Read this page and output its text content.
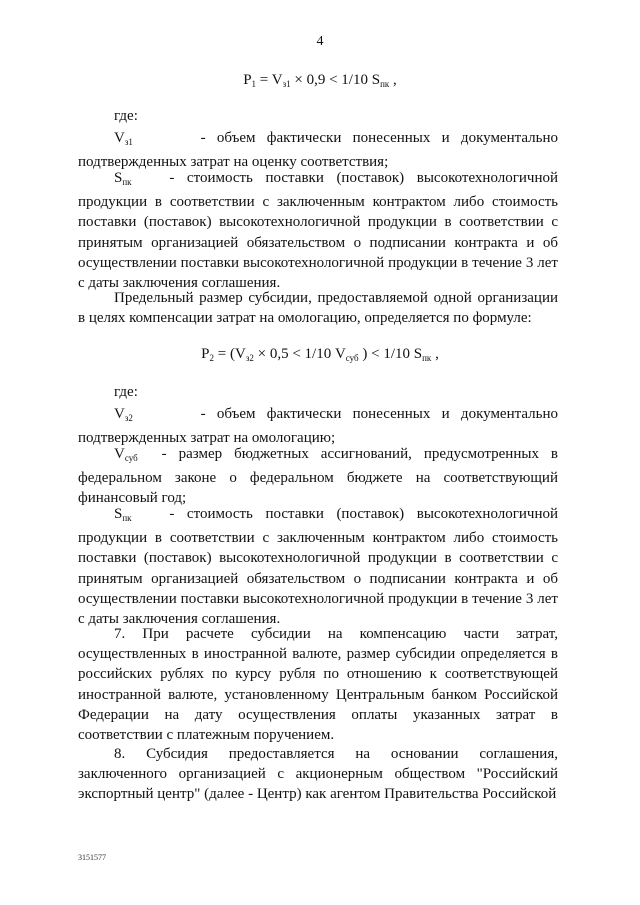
4
$P_1 = V_{з1} \times 0,9 < 1/10$ $S_{пк}$ ,
где:
$V_{з1}$	- объем фактически понесенных и документально подтвержденных затрат на оценку соответствия;
$S_{пк}$	- стоимость поставки (поставок) высокотехнологичной продукции в соответствии с заключенным контрактом либо стоимость поставки (поставок) высокотехнологичной продукции в соответствии с принятым организацией обязательством о подписании контракта и об осуществлении поставки высокотехнологичной продукции в течение 3 лет с даты заключения соглашения.
Предельный размер субсидии, предоставляемой одной организации в целях компенсации затрат на омологацию, определяется по формуле:
$P_2 = (V_{з2} \times 0,5 < 1/10$ $V_{суб}$ ) < 1/10 $S_{пк}$ ,
где:
$V_{з2}$	- объем фактически понесенных и документально подтвержденных затрат на омологацию;
$V_{суб}$ - размер бюджетных ассигнований, предусмотренных в федеральном законе о федеральном бюджете на соответствующий финансовый год;
$S_{пк}$	- стоимость поставки (поставок) высокотехнологичной продукции в соответствии с заключенным контрактом либо стоимость поставки (поставок) высокотехнологичной продукции в соответствии с принятым организацией обязательством о подписании контракта и об осуществлении поставки высокотехнологичной продукции в течение 3 лет с даты заключения соглашения.
7. При расчете субсидии на компенсацию части затрат, осуществленных в иностранной валюте, размер субсидии определяется в российских рублях по курсу рубля по отношению к соответствующей иностранной валюте, установленному Центральным банком Российской Федерации на дату осуществления оплаты указанных затрат в соответствии с платежным поручением.
8. Субсидия предоставляется на основании соглашения, заключенного организацией с акционерным обществом "Российский экспортный центр" (далее - Центр) как агентом Правительства Российской
3151577
